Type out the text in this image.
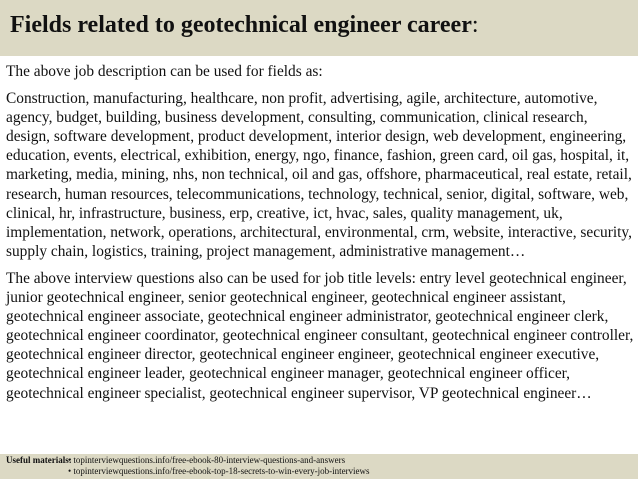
Fields related to geotechnical engineer career:

The above job description can be used for fields as:

Construction, manufacturing, healthcare, non profit, advertising, agile, architecture, automotive, agency, budget, building, business development, consulting, communication, clinical research, design, software development, product development, interior design, web development, engineering, education, events, electrical, exhibition, energy, ngo, finance, fashion, green card, oil gas, hospital, it, marketing, media, mining, nhs, non technical, oil and gas, offshore, pharmaceutical, real estate, retail, research, human resources, telecommunications, technology, technical, senior, digital, software, web, clinical, hr, infrastructure, business, erp, creative, ict, hvac, sales, quality management, uk, implementation, network, operations, architectural, environmental, crm, website, interactive, security, supply chain, logistics, training, project management, administrative management…

The above interview questions also can be used for job title levels: entry level geotechnical engineer, junior geotechnical engineer, senior geotechnical engineer, geotechnical engineer assistant, geotechnical engineer associate, geotechnical engineer administrator, geotechnical engineer clerk, geotechnical engineer coordinator, geotechnical engineer consultant, geotechnical engineer controller, geotechnical engineer director, geotechnical engineer engineer, geotechnical engineer executive, geotechnical engineer leader, geotechnical engineer manager, geotechnical engineer officer, geotechnical engineer specialist, geotechnical engineer supervisor, VP geotechnical engineer…

Useful materials:
• topinterviewquestions.info/free-ebook-80-interview-questions-and-answers
• topinterviewquestions.info/free-ebook-top-18-secrets-to-win-every-job-interviews
